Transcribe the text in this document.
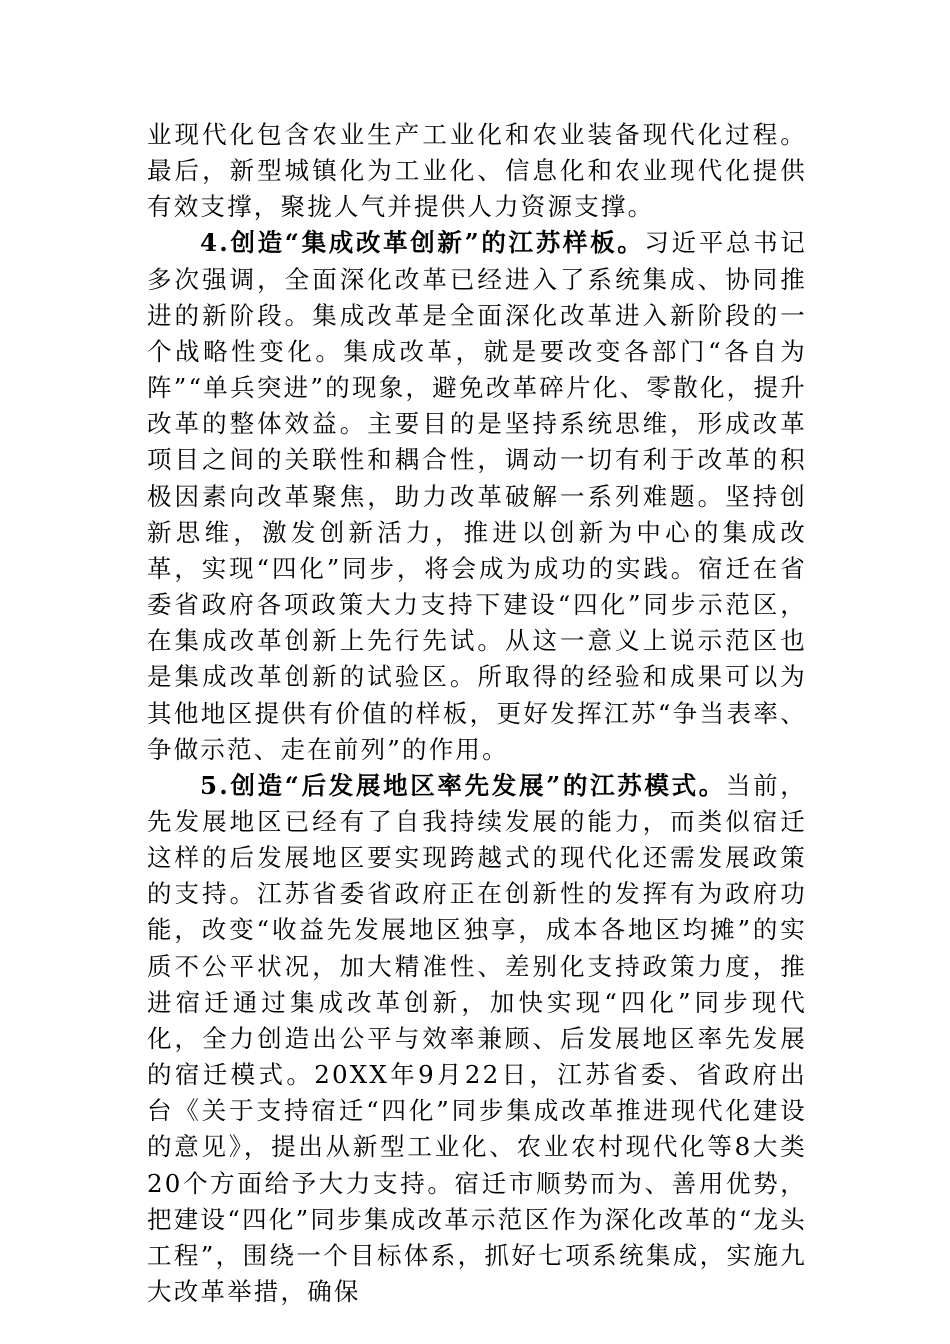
业现代化包含农业生产工业化和农业装备现代化过程。最后，新型城镇化为工业化、信息化和农业现代化提供有效支撑，聚拢人气并提供人力资源支撑。

4.创造“集成改革创新”的江苏样板。习近平总书记多次强调，全面深化改革已经进入了系统集成、协同推进的新阶段。集成改革是全面深化改革进入新阶段的一个战略性变化。集成改革，就是要改变各部门“各自为阵”“单兵突进”的现象，避免改革碎片化、零散化，提升改革的整体效益。主要目的是坚持系统思维，形成改革项目之间的关联性和耦合性，调动一切有利于改革的积极因素向改革聚焦，助力改革破解一系列难题。坚持创新思维，激发创新活力，推进以创新为中心的集成改革，实现“四化”同步，将会成为成功的实践。宿迁在省委省政府各项政策大力支持下建设“四化”同步示范区，在集成改革创新上先行先试。从这一意义上说示范区也是集成改革创新的试验区。所取得的经验和成果可以为其他地区提供有价值的样板，更好发挥江苏“争当表率、争做示范、走在前列”的作用。

5.创造“后发展地区率先发展”的江苏模式。当前，先发展地区已经有了自我持续发展的能力，而类似宿迁这样的后发展地区要实现跨越式的现代化还需发展政策的支持。江苏省委省政府正在创新性的发挥有为政府功能，改变“收益先发展地区独享，成本各地区均摊”的实质不公平状况，加大精准性、差别化支持政策力度，推进宿迁通过集成改革创新，加快实现“四化”同步现代化，全力创造出公平与效率兼顾、后发展地区率先发展的宿迁模式。20XX年9月22日，江苏省委、省政府出台《关于支持宿迁“四化”同步集成改革推进现代化建设的意见》，提出从新型工业化、农业农村现代化等8大类20个方面给予大力支持。宿迁市顺势而为、善用优势，把建设“四化”同步集成改革示范区作为深化改革的“龙头工程”，围绕一个目标体系，抓好七项系统集成，实施九大改革举措，确保
